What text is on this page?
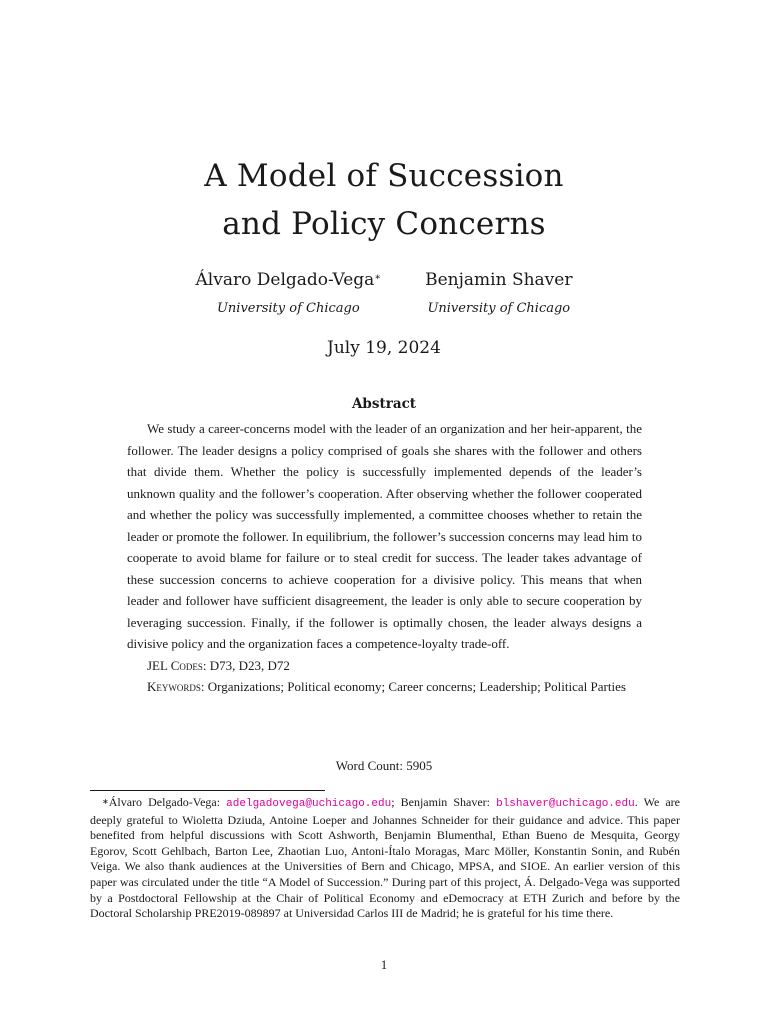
A Model of Succession
and Policy Concerns
Álvaro Delgado-Vega∗
University of Chicago
Benjamin Shaver
University of Chicago
July 19, 2024
Abstract

We study a career-concerns model with the leader of an organization and her heir-apparent, the follower. The leader designs a policy comprised of goals she shares with the follower and others that divide them. Whether the policy is successfully implemented depends of the leader’s unknown quality and the follower’s cooperation. After observing whether the follower cooperated and whether the policy was successfully implemented, a committee chooses whether to retain the leader or promote the follower. In equilibrium, the follower’s succession concerns may lead him to cooperate to avoid blame for failure or to steal credit for success. The leader takes advantage of these succession concerns to achieve cooperation for a divisive policy. This means that when leader and follower have sufficient disagreement, the leader is only able to secure cooperation by leveraging succession. Finally, if the follower is optimally chosen, the leader always designs a divisive policy and the organization faces a competence-loyalty trade-off.

JEL Codes: D73, D23, D72

Keywords: Organizations; Political economy; Career concerns; Leadership; Political Parties

Word Count: 5905
∗Álvaro Delgado-Vega: adelgadovega@uchicago.edu; Benjamin Shaver: blshaver@uchicago.edu. We are deeply grateful to Wioletta Dziuda, Antoine Loeper and Johannes Schneider for their guidance and advice. This paper benefited from helpful discussions with Scott Ashworth, Benjamin Blumenthal, Ethan Bueno de Mesquita, Georgy Egorov, Scott Gehlbach, Barton Lee, Zhaotian Luo, Antoni-Ítalo Moragas, Marc Möller, Konstantin Sonin, and Rubén Veiga. We also thank audiences at the Universities of Bern and Chicago, MPSA, and SIOE. An earlier version of this paper was circulated under the title “A Model of Succession.” During part of this project, Á. Delgado-Vega was supported by a Postdoctoral Fellowship at the Chair of Political Economy and eDemocracy at ETH Zurich and before by the Doctoral Scholarship PRE2019-089897 at Universidad Carlos III de Madrid; he is grateful for his time there.
1
